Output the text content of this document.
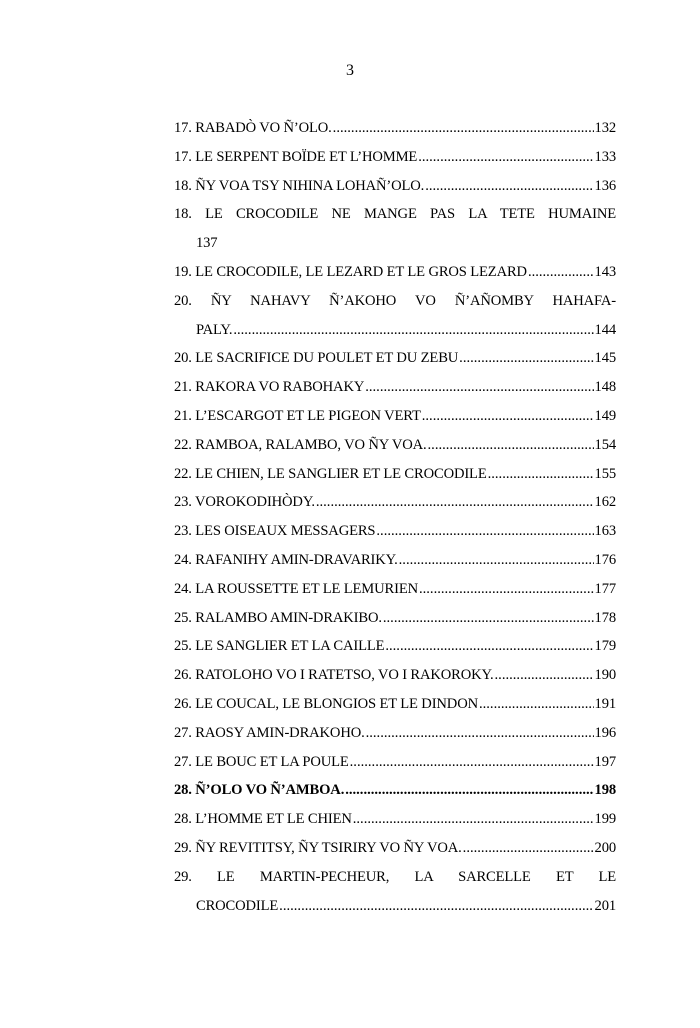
3
17. RABADÒ VO Ñ’OLO. .....	132
17. LE SERPENT BOÏDE ET L’HOMME .....	133
18. ÑY VOA TSY NIHINA LOHAÑ’OLO. .....	136
18. LE CROCODILE NE MANGE PAS LA TETE HUMAINE
137
19. LE CROCODILE, LE LEZARD ET LE GROS LEZARD .....	143
20. ÑY NAHAVY Ñ’AKOHO VO Ñ’AÑOMBY HAHAFA-
PALY. .....	144
20. LE SACRIFICE DU POULET ET DU ZEBU .....	145
21. RAKORA VO RABOHAKY .....	148
21. L’ESCARGOT ET LE PIGEON VERT .....	149
22. RAMBOA, RALAMBO, VO ÑY VOA. .....	154
22. LE CHIEN, LE SANGLIER ET LE CROCODILE .....	155
23. VOROKODIHÒDY. .....	162
23. LES OISEAUX MESSAGERS .....	163
24. RAFANIHY AMIN-DRAVARIKY. .....	176
24. LA ROUSSETTE ET LE LEMURIEN .....	177
25. RALAMBO AMIN-DRAKIBO. .....	178
25. LE SANGLIER ET LA CAILLE .....	179
26. RATOLOHO VO I RATETSO, VO I RAKOROKY. .....	190
26. LE COUCAL, LE BLONGIOS ET LE DINDON .....	191
27. RAOSY AMIN-DRAKOHO. .....	196
27. LE BOUC ET LA POULE .....	197
28. Ñ’OLO VO Ñ’AMBOA. .....	198
28. L’HOMME ET LE CHIEN .....	199
29. ÑY REVITITSY, ÑY TSIRIRY VO ÑY VOA. .....	200
29. LE MARTIN-PECHEUR, LA SARCELLE ET LE
CROCODILE .....	201
